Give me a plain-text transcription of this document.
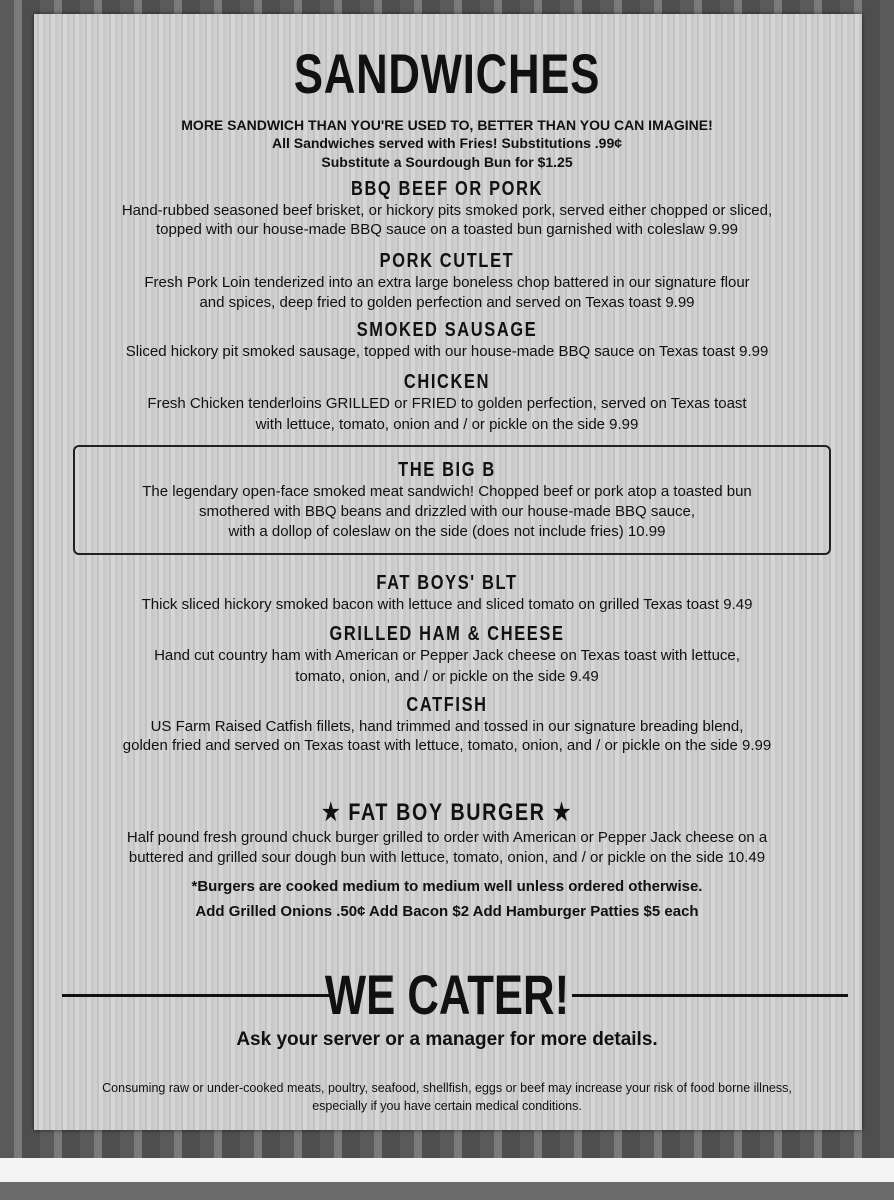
SANDWICHES
MORE SANDWICH THAN YOU'RE USED TO, BETTER THAN YOU CAN IMAGINE!
All Sandwiches served with Fries! Substitutions .99¢
Substitute a Sourdough Bun for $1.25
BBQ BEEF OR PORK
Hand-rubbed seasoned beef brisket, or hickory pits smoked pork, served either chopped or sliced,
topped with our house-made BBQ sauce on a toasted bun garnished with coleslaw 9.99
PORK CUTLET
Fresh Pork Loin tenderized into an extra large boneless chop battered in our signature flour
and spices, deep fried to golden perfection and served on Texas toast 9.99
SMOKED SAUSAGE
Sliced hickory pit smoked sausage, topped with our house-made BBQ sauce on Texas toast 9.99
CHICKEN
Fresh Chicken tenderloins GRILLED or FRIED to golden perfection, served on Texas toast
with lettuce, tomato, onion and / or pickle on the side 9.99
THE BIG B
The legendary open-face smoked meat sandwich! Chopped beef or pork atop a toasted bun
smothered with BBQ beans and drizzled with our house-made BBQ sauce,
with a dollop of coleslaw on the side (does not include fries) 10.99
FAT BOYS' BLT
Thick sliced hickory smoked bacon with lettuce and sliced tomato on grilled Texas toast 9.49
GRILLED HAM & CHEESE
Hand cut country ham with American or Pepper Jack cheese on Texas toast with lettuce,
tomato, onion, and / or pickle on the side 9.49
CATFISH
US Farm Raised Catfish fillets, hand trimmed and tossed in our signature breading blend,
golden fried and served on Texas toast with lettuce, tomato, onion, and / or pickle on the side 9.99
★ FAT BOY BURGER ★
Half pound fresh ground chuck burger grilled to order with American or Pepper Jack cheese on a
buttered and grilled sour dough bun with lettuce, tomato, onion, and / or pickle on the side 10.49
*Burgers are cooked medium to medium well unless ordered otherwise.
Add Grilled Onions .50¢ Add Bacon $2 Add Hamburger Patties $5 each
WE CATER!
Ask your server or a manager for more details.
Consuming raw or under-cooked meats, poultry, seafood, shellfish, eggs or beef may increase your risk of food borne illness,
especially if you have certain medical conditions.
